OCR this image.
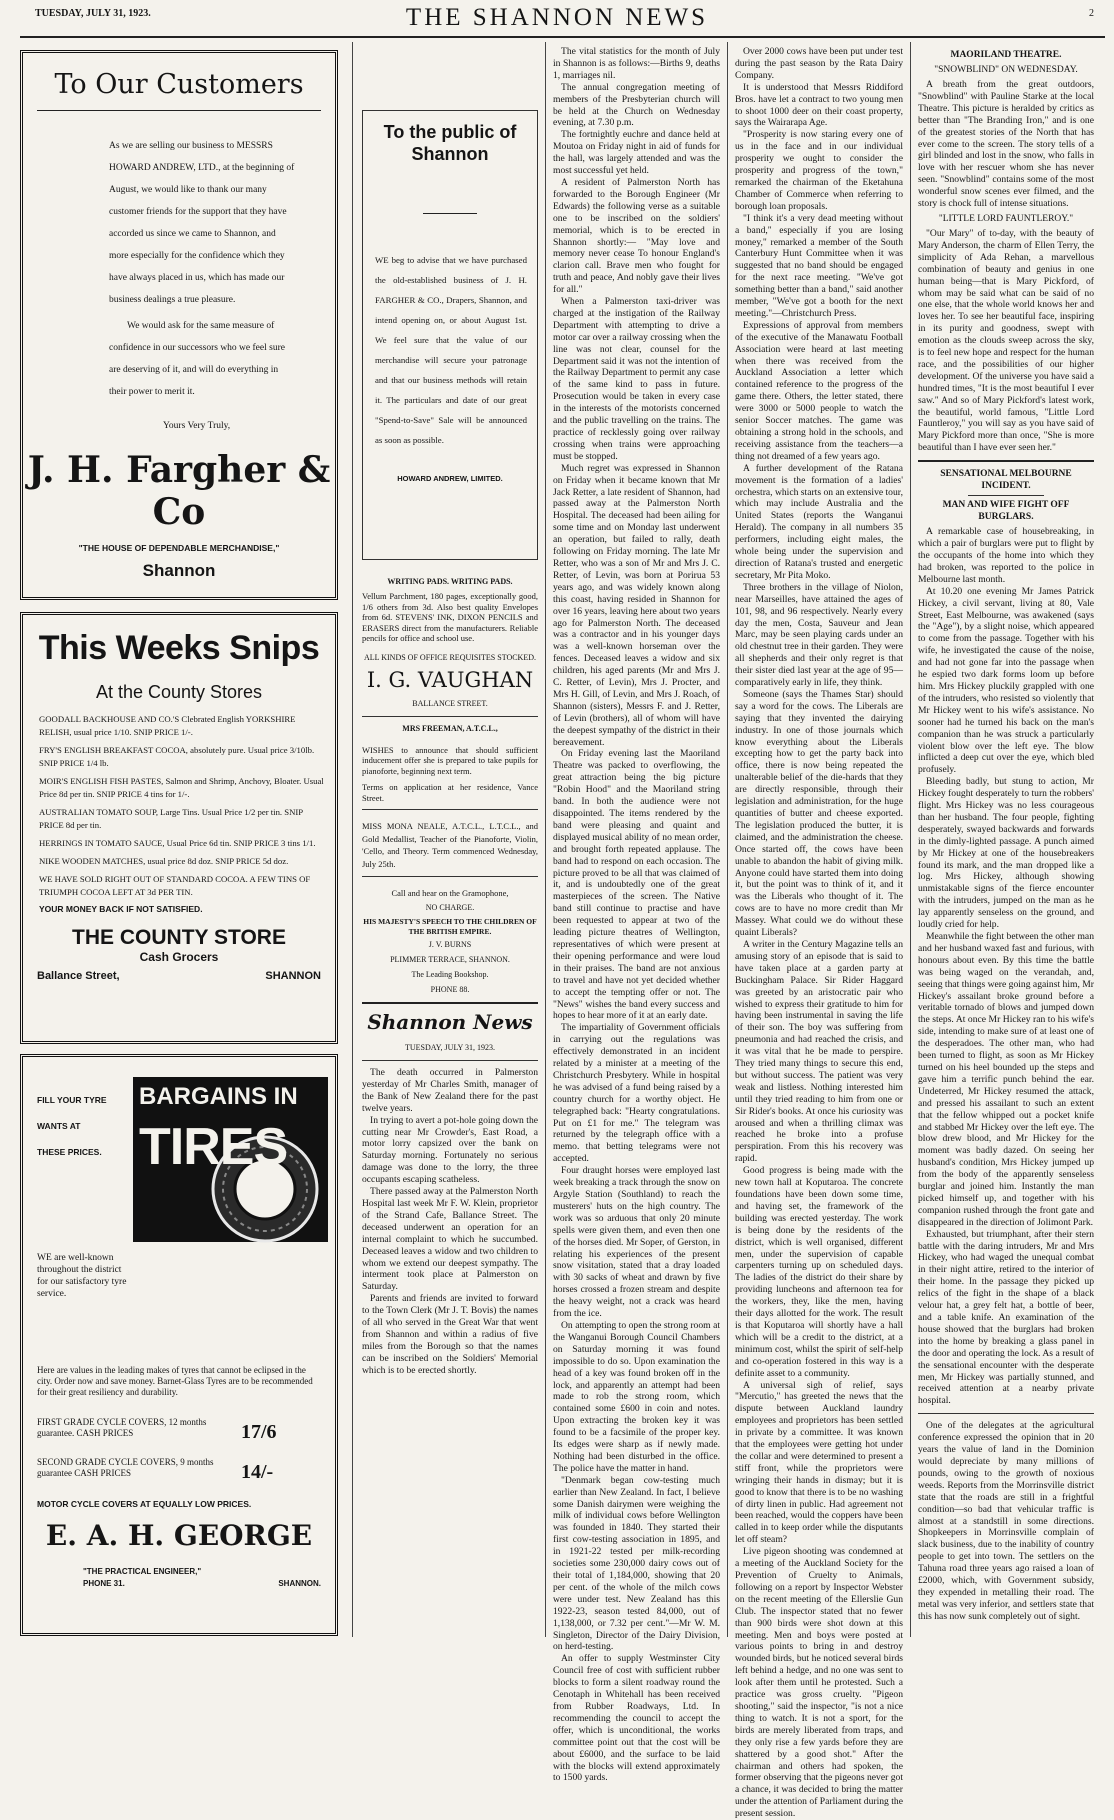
TUESDAY, JULY 31, 1923.	THE SHANNON NEWS	2
To Our Customers
As we are selling our business to MESSRS HOWARD ANDREW, LTD., at the beginning of August, we would like to thank our many customer friends for the support that they have accorded us since we came to Shannon, and more especially for the confidence which they have always placed in us, which has made our business dealings a true pleasure.
We would ask for the same measure of confidence in our successors who we feel sure are deserving of it, and will do everything in their power to merit it.
Yours Very Truly,
J. H. Fargher & Co
"THE HOUSE OF DEPENDABLE MERCHANDISE,"
Shannon
This Weeks Snips
At the County Stores
GOODALL BACKHOUSE AND CO.'S Clebrated English YORKSHIRE RELISH, usual price 1/10. SNIP PRICE 1/-.
FRY'S ENGLISH BREAKFAST COCOA, absolutely pure. Usual price 3/10lb. SNIP PRICE 1/4 lb.
MOIR'S ENGLISH FISH PASTES, Salmon and Shrimp, Anchovy, Bloater. Usual Price 8d per tin. SNIP PRICE 4 tins for 1/-.
AUSTRALIAN TOMATO SOUP, Large Tins. Usual Price 1/2 per tin. SNIP PRICE 8d per tin.
HERRINGS IN TOMATO SAUCE, Usual Price 6d tin. SNIP PRICE 3 tins 1/1.
NIKE WOODEN MATCHES, usual price 8d doz. SNIP PRICE 5d doz.
WE HAVE SOLD RIGHT OUT OF STANDARD COCOA. A FEW TINS OF TRIUMPH COCOA LEFT AT 3d PER TIN.
YOUR MONEY BACK IF NOT SATISFIED.
THE COUNTY STORE
Cash Grocers
Ballance Street,	SHANNON
FILL YOUR TYRE WANTS AT THESE PRICES.
BARGAINS IN
TIRES
WE are well-known throughout the district for our satisfactory tyre service.
Here are values in the leading makes of tyres that cannot be eclipsed in the city. Order now and save money. Barnet-Glass Tyres are to be recommended for their great resiliency and durability.
FIRST GRADE CYCLE COVERS, 12 months guarantee. CASH PRICES	17/6
SECOND GRADE CYCLE COVERS, 9 months guarantee CASH PRICES	14/-
MOTOR CYCLE COVERS AT EQUALLY LOW PRICES.
E. A. H. GEORGE
"THE PRACTICAL ENGINEER,"
PHONE 31.	SHANNON.
To the public of Shannon
WE beg to advise that we have purchased the old-established business of J. H. FARGHER & CO., Drapers, Shannon, and intend opening on, or about August 1st. We feel sure that the value of our merchandise will secure your patronage and that our business methods will retain it. The particulars and date of our great "Spend-to-Save" Sale will be announced as soon as possible.
HOWARD ANDREW, LIMITED.
WRITING PADS. WRITING PADS.
Vellum Parchment, 180 pages, exceptionally good, 1/6 others from 3d. Also best quality Envelopes from 6d. STEVENS' INK, DIXON PENCILS and ERASERS direct from the manufacturers. Reliable pencils for office and school use.
ALL KINDS OF OFFICE REQUISITES STOCKED.
I. G. VAUGHAN
BALLANCE STREET.
MRS FREEMAN, A.T.C.L.,
WISHES to announce that should sufficient inducement offer she is prepared to take pupils for pianoforte, beginning next term.
Terms on application at her residence, Vance Street.
MISS MONA NEALE, A.T.C.L., L.T.C.L., and Gold Medallist, Teacher of the Pianoforte, Violin, 'Cello, and Theory. Term commenced Wednesday, July 25th.
Call and hear on the Gramophone,
NO CHARGE.
HIS MAJESTY'S SPEECH TO THE CHILDREN OF THE BRITISH EMPIRE.
J. V. BURNS
PLIMMER TERRACE, SHANNON.
The Leading Bookshop.
PHONE 88.
Shannon News
TUESDAY, JULY 31, 1923.

The death occurred in Palmerston yesterday of Mr Charles Smith, manager of the Bank of New Zealand there for the past twelve years.

In trying to avert a pot-hole going down the cutting near Mr Crowder's, East Road, a motor lorry capsized over the bank on Saturday morning. Fortunately no serious damage was done to the lorry, the three occupants escaping scatheless.

There passed away at the Palmerston North Hospital last week Mr F. W. Klein, proprietor of the Strand Cafe, Ballance Street. The deceased underwent an operation for an internal complaint to which he succumbed. Deceased leaves a widow and two children to whom we extend our deepest sympathy. The interment took place at Palmerston on Saturday.

Parents and friends are invited to forward to the Town Clerk (Mr J. T. Bovis) the names of all who served in the Great War that went from Shannon and within a radius of five miles from the Borough so that the names can be inscribed on the Soldiers' Memorial which is to be erected shortly.

The vital statistics for the month of July in Shannon is as follows:—Births 9, deaths 1, marriages nil.

The annual congregation meeting of members of the Presbyterian church will be held at the Church on Wednesday evening, at 7.30 p.m.

The fortnightly euchre and dance held at Moutoa on Friday night in aid of funds for the hall, was largely attended and was the most successful yet held.

A resident of Palmerston North has forwarded to the Borough Engineer (Mr Edwards) the following verse as a suitable one to be inscribed on the soldiers' memorial, which is to be erected in Shannon shortly:— "May love and memory never cease To honour England's clarion call. Brave men who fought for truth and peace, And nobly gave their lives for all."

When a Palmerston taxi-driver was charged at the instigation of the Railway Department with attempting to drive a motor car over a railway crossing when the line was not clear, counsel for the Department said it was not the intention of the Railway Department to permit any case of the same kind to pass in future. Prosecution would be taken in every case in the interests of the motorists concerned and the public travelling on the trains. The practice of recklessly going over railway crossing when trains were approaching must be stopped.

Much regret was expressed in Shannon on Friday when it became known that Mr Jack Retter, a late resident of Shannon, had passed away at the Palmerston North Hospital. The deceased had been ailing for some time and on Monday last underwent an operation, but failed to rally, death following on Friday morning. The late Mr Retter, who was a son of Mr and Mrs J. C. Retter, of Levin, was born at Porirua 53 years ago, and was widely known along this coast, having resided in Shannon for over 16 years, leaving here about two years ago for Palmerston North. The deceased was a contractor and in his younger days was a well-known horseman over the fences. Deceased leaves a widow and six children, his aged parents (Mr and Mrs J. C. Retter, of Levin), Mrs J. Procter, and Mrs H. Gill, of Levin, and Mrs J. Roach, of Shannon (sisters), Messrs F. and J. Retter, of Levin (brothers), all of whom will have the deepest sympathy of the district in their bereavement.

On Friday evening last the Maoriland Theatre was packed to overflowing, the great attraction being the big picture "Robin Hood" and the Maoriland string band. In both the audience were not disappointed. The items rendered by the band were pleasing and quaint and displayed musical ability of no mean order, and brought forth repeated applause. The band had to respond on each occasion. The picture proved to be all that was claimed of it, and is undoubtedly one of the great masterpieces of the screen. The Native band still continue to practise and have been requested to appear at two of the leading picture theatres of Wellington, representatives of which were present at their opening performance and were loud in their praises. The band are not anxious to travel and have not yet decided whether to accept the tempting offer or not. The "News" wishes the band every success and hopes to hear more of it at an early date.

The impartiality of Government officials in carrying out the regulations was effectively demonstrated in an incident related by a minister at a meeting of the Christchurch Presbytery. While in hospital he was advised of a fund being raised by a country church for a worthy object. He telegraphed back: "Hearty congratulations. Put on £1 for me." The telegram was returned by the telegraph office with a memo. that betting telegrams were not accepted.

Four draught horses were employed last week breaking a track through the snow on Argyle Station (Southland) to reach the musterers' huts on the high country. The work was so arduous that only 20 minute spells were given them, and even then one of the horses died. Mr Soper, of Gerston, in relating his experiences of the present snow visitation, stated that a dray loaded with 30 sacks of wheat and drawn by five horses crossed a frozen stream and despite the heavy weight, not a crack was heard from the ice.

On attempting to open the strong room at the Wanganui Borough Council Chambers on Saturday morning it was found impossible to do so. Upon examination the head of a key was found broken off in the lock, and apparently an attempt had been made to rob the strong room, which contained some £600 in coin and notes. Upon extracting the broken key it was found to be a facsimile of the proper key. Its edges were sharp as if newly made. Nothing had been disturbed in the office. The police have the matter in hand.

"Denmark began cow-testing much earlier than New Zealand. In fact, I believe some Danish dairymen were weighing the milk of individual cows before Wellington was founded in 1840. They started their first cow-testing association in 1895, and in 1921-22 tested per milk-recording societies some 230,000 dairy cows out of their total of 1,184,000, showing that 20 per cent. of the whole of the milch cows were under test. New Zealand has this 1922-23, season tested 84,000, out of 1,138,000, or 7.32 per cent."—Mr W. M. Singleton, Director of the Dairy Division, on herd-testing.

An offer to supply Westminster City Council free of cost with sufficient rubber blocks to form a silent roadway round the Cenotaph in Whitehall has been received from Rubber Roadways, Ltd. In recommending the council to accept the offer, which is unconditional, the works committee point out that the cost will be about £6000, and the surface to be laid with the blocks will extend approximately to 1500 yards.

Over 2000 cows have been put under test during the past season by the Rata Dairy Company.

It is understood that Messrs Riddiford Bros. have let a contract to two young men to shoot 1000 deer on their coast property, says the Wairarapa Age.

"Prosperity is now staring every one of us in the face and in our individual prosperity we ought to consider the prosperity and progress of the town," remarked the chairman of the Eketahuna Chamber of Commerce when referring to borough loan proposals.

"I think it's a very dead meeting without a band," especially if you are losing money," remarked a member of the South Canterbury Hunt Committee when it was suggested that no band should be engaged for the next race meeting. "We've got something better than a band," said another member, "We've got a booth for the next meeting."—Christchurch Press.

Expressions of approval from members of the executive of the Manawatu Football Association were heard at last meeting when there was received from the Auckland Association a letter which contained reference to the progress of the game there. Others, the letter stated, there were 3000 or 5000 people to watch the senior Soccer matches. The game was obtaining a strong hold in the schools, and receiving assistance from the teachers—a thing not dreamed of a few years ago.

A further development of the Ratana movement is the formation of a ladies' orchestra, which starts on an extensive tour, which may include Australia and the United States (reports the Wanganui Herald). The company in all numbers 35 performers, including eight males, the whole being under the supervision and direction of Ratana's trusted and energetic secretary, Mr Pita Moko.

Three brothers in the village of Niolon, near Marseilles, have attained the ages of 101, 98, and 96 respectively. Nearly every day the men, Costa, Sauveur and Jean Marc, may be seen playing cards under an old chestnut tree in their garden. They were all shepherds and their only regret is that their sister died last year at the age of 95—comparatively early in life, they think.

Someone (says the Thames Star) should say a word for the cows. The Liberals are saying that they invented the dairying industry. In one of those journals which know everything about the Liberals excepting how to get the party back into office, there is now being repeated the unalterable belief of the die-hards that they are directly responsible, through their legislation and administration, for the huge quantities of butter and cheese exported. The legislation produced the butter, it is claimed, and the administration the cheese. Once started off, the cows have been unable to abandon the habit of giving milk. Anyone could have started them into doing it, but the point was to think of it, and it was the Liberals who thought of it. The cows are to have no more credit than Mr Massey. What could we do without these quaint Liberals?

A writer in the Century Magazine tells an amusing story of an episode that is said to have taken place at a garden party at Buckingham Palace. Sir Rider Haggard was greeted by an aristocratic pair who wished to express their gratitude to him for having been instrumental in saving the life of their son. The boy was suffering from pneumonia and had reached the crisis, and it was vital that he be made to perspire. They tried many things to secure this end, but without success. The patient was very weak and listless. Nothing interested him until they tried reading to him from one or Sir Rider's books. At once his curiosity was aroused and when a thrilling climax was reached he broke into a profuse perspiration. From this his recovery was rapid.

Good progress is being made with the new town hall at Koputaroa. The concrete foundations have been down some time, and having set, the framework of the building was erected yesterday. The work is being done by the residents of the district, which is well organised, different men, under the supervision of capable carpenters turning up on scheduled days. The ladies of the district do their share by providing luncheons and afternoon tea for the workers, they, like the men, having their days allotted for the work. The result is that Koputaroa will shortly have a hall which will be a credit to the district, at a minimum cost, whilst the spirit of self-help and co-operation fostered in this way is a definite asset to a community.

A universal sigh of relief, says "Mercutio," has greeted the news that the dispute between Auckland laundry employees and proprietors has been settled in private by a committee. It was known that the employees were getting hot under the collar and were determined to present a stiff front, while the proprietors were wringing their hands in dismay; but it is good to know that there is to be no washing of dirty linen in public. Had agreement not been reached, would the coppers have been called in to keep order while the disputants let off steam?

Live pigeon shooting was condemned at a meeting of the Auckland Society for the Prevention of Cruelty to Animals, following on a report by Inspector Webster on the recent meeting of the Ellerslie Gun Club. The inspector stated that no fewer than 900 birds were shot down at this meeting. Men and boys were posted at various points to bring in and destroy wounded birds, but he noticed several birds left behind a hedge, and no one was sent to look after them until he protested. Such a practice was gross cruelty. "Pigeon shooting," said the inspector, "is not a nice thing to watch. It is not a sport, for the birds are merely liberated from traps, and they only rise a few yards before they are shattered by a good shot." After the chairman and others had spoken, the former observing that the pigeons never got a chance, it was decided to bring the matter under the attention of Parliament during the present session.

MAORILAND THEATRE.
"SNOWBLIND" ON WEDNESDAY.

A breath from the great outdoors, "Snowblind" with Pauline Starke at the local Theatre. This picture is heralded by critics as better than "The Branding Iron," and is one of the greatest stories of the North that has ever come to the screen. The story tells of a girl blinded and lost in the snow, who falls in love with her rescuer whom she has never seen. "Snowblind" contains some of the most wonderful snow scenes ever filmed, and the story is chock full of intense situations.

"LITTLE LORD FAUNTLEROY."

"Our Mary" of to-day, with the beauty of Mary Anderson, the charm of Ellen Terry, the simplicity of Ada Rehan, a marvellous combination of beauty and genius in one human being—that is Mary Pickford, of whom may be said what can be said of no one else, that the whole world knows her and loves her. To see her beautiful face, inspiring in its purity and goodness, swept with emotion as the clouds sweep across the sky, is to feel new hope and respect for the human race, and the possibilities of our higher development. Of the universe you have said a hundred times, "It is the most beautiful I ever saw." And so of Mary Pickford's latest work, the beautiful, world famous, "Little Lord Fauntleroy," you will say as you have said of Mary Pickford more than once, "She is more beautiful than I have ever seen her."

SENSATIONAL MELBOURNE INCIDENT.
MAN AND WIFE FIGHT OFF BURGLARS.

A remarkable case of housebreaking, in which a pair of burglars were put to flight by the occupants of the home into which they had broken, was reported to the police in Melbourne last month.

At 10.20 one evening Mr James Patrick Hickey, a civil servant, living at 80, Vale Street, East Melbourne, was awakened (says the "Age"), by a slight noise, which appeared to come from the passage. Together with his wife, he investigated the cause of the noise, and had not gone far into the passage when he espied two dark forms loom up before him. Mrs Hickey pluckily grappled with one of the intruders, who resisted so violently that Mr Hickey went to his wife's assistance. No sooner had he turned his back on the man's companion than he was struck a particularly violent blow over the left eye. The blow inflicted a deep cut over the eye, which bled profusely.

Bleeding badly, but stung to action, Mr Hickey fought desperately to turn the robbers' flight. Mrs Hickey was no less courageous than her husband. The four people, fighting desperately, swayed backwards and forwards in the dimly-lighted passage. A punch aimed by Mr Hickey at one of the housebreakers found its mark, and the man dropped like a log. Mrs Hickey, although showing unmistakable signs of the fierce encounter with the intruders, jumped on the man as he lay apparently senseless on the ground, and loudly cried for help.

Meanwhile the fight between the other man and her husband waxed fast and furious, with honours about even. By this time the battle was being waged on the verandah, and, seeing that things were going against him, Mr Hickey's assailant broke ground before a veritable tornado of blows and jumped down the steps. At once Mr Hickey ran to his wife's side, intending to make sure of at least one of the desperadoes. The other man, who had been turned to flight, as soon as Mr Hickey turned on his heel bounded up the steps and gave him a terrific punch behind the ear. Undeterred, Mr Hickey resumed the attack, and pressed his assailant to such an extent that the fellow whipped out a pocket knife and stabbed Mr Hickey over the left eye. The blow drew blood, and Mr Hickey for the moment was badly dazed. On seeing her husband's condition, Mrs Hickey jumped up from the body of the apparently senseless burglar and joined him. Instantly the man picked himself up, and together with his companion rushed through the front gate and disappeared in the direction of Jolimont Park.

Exhausted, but triumphant, after their stern battle with the daring intruders, Mr and Mrs Hickey, who had waged the unequal combat in their night attire, retired to the interior of their home. In the passage they picked up relics of the fight in the shape of a black velour hat, a grey felt hat, a bottle of beer, and a table knife. An examination of the house showed that the burglars had broken into the home by breaking a glass panel in the door and operating the lock. As a result of the sensational encounter with the desperate men, Mr Hickey was partially stunned, and received attention at a nearby private hospital.

One of the delegates at the agricultural conference expressed the opinion that in 20 years the value of land in the Dominion would depreciate by many millions of pounds, owing to the growth of noxious weeds. Reports from the Morrinsville district state that the roads are still in a frightful condition—so bad that vehicular traffic is almost at a standstill in some directions. Shopkeepers in Morrinsville complain of slack business, due to the inability of country people to get into town. The settlers on the Tahuna road three years ago raised a loan of £2000, which, with Government subsidy, they expended in metalling their road. The metal was very inferior, and settlers state that this has now sunk completely out of sight.
